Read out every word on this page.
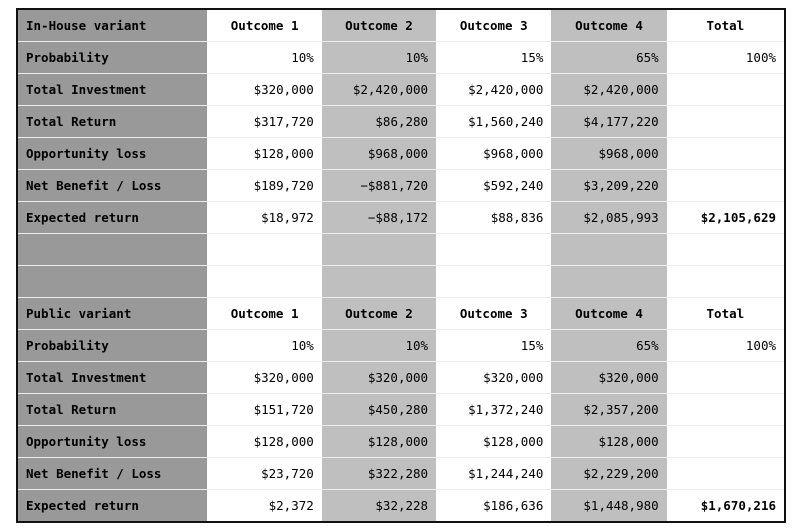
In-House variant	Outcome 1	Outcome 2	Outcome 3	Outcome 4	Total
Probability	10%	10%	15%	65%	100%
Total Investment	$320,000	$2,420,000	$2,420,000	$2,420,000	
Total Return	$317,720	$86,280	$1,560,240	$4,177,220	
Opportunity loss	$128,000	$968,000	$968,000	$968,000	
Net Benefit / Loss	$189,720	−$881,720	$592,240	$3,209,220	
Expected return	$18,972	−$88,172	$88,836	$2,085,993	$2,105,629

Public variant	Outcome 1	Outcome 2	Outcome 3	Outcome 4	Total
Probability	10%	10%	15%	65%	100%
Total Investment	$320,000	$320,000	$320,000	$320,000	
Total Return	$151,720	$450,280	$1,372,240	$2,357,200	
Opportunity loss	$128,000	$128,000	$128,000	$128,000	
Net Benefit / Loss	$23,720	$322,280	$1,244,240	$2,229,200	
Expected return	$2,372	$32,228	$186,636	$1,448,980	$1,670,216
